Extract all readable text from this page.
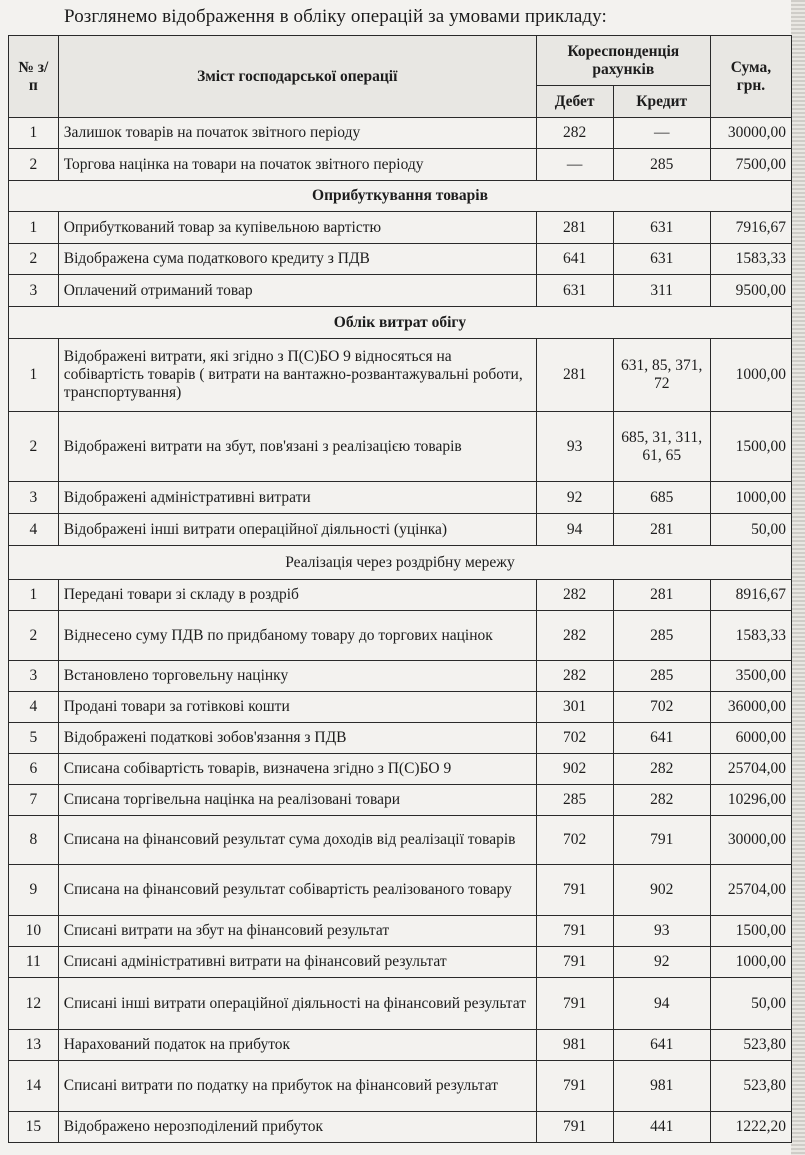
Розглянемо відображення в обліку операцій за умовами прикладу:
№ з/п	Зміст господарської операції	Кореспонденція рахунків		Сума, грн.
		Дебет	Кредит	
1	Залишок товарів на початок звітного періоду	282	—	30000,00
2	Торгова націнка на товари на початок звітного періоду	—	285	7500,00
Оприбуткування товарів				
1	Оприбуткований товар за купівельною вартістю	281	631	7916,67
2	Відображена сума податкового кредиту з ПДВ	641	631	1583,33
3	Оплачений отриманий товар	631	311	9500,00
Облік витрат обігу				
1	Відображені витрати, які згідно з П(С)БО 9 відносяться на собівартість товарів ( витрати на вантажно-розвантажувальні роботи, транспортування)	281	631, 85, 371, 72	1000,00
2	Відображені витрати на збут, пов'язані з реалізацією товарів	93	685, 31, 311, 61, 65	1500,00
3	Відображені адміністративні витрати	92	685	1000,00
4	Відображені інші витрати операційної діяльності (уцінка)	94	281	50,00
Реалізація через роздрібну мережу				
1	Передані товари зі складу в роздріб	282	281	8916,67
2	Віднесено суму ПДВ по придбаному товару до торгових націнок	282	285	1583,33
3	Встановлено торговельну націнку	282	285	3500,00
4	Продані товари за готівкові кошти	301	702	36000,00
5	Відображені податкові зобов'язання з ПДВ	702	641	6000,00
6	Списана собівартість товарів, визначена згідно з П(С)БО 9	902	282	25704,00
7	Списана торгівельна націнка на реалізовані товари	285	282	10296,00
8	Списана на фінансовий результат сума доходів від реалізації товарів	702	791	30000,00
9	Списана на фінансовий результат собівартість реалізованого товару	791	902	25704,00
10	Списані витрати на збут на фінансовий результат	791	93	1500,00
11	Списані адміністративні витрати на фінансовий результат	791	92	1000,00
12	Списані інші витрати операційної діяльності на фінансовий результат	791	94	50,00
13	Нарахований податок на прибуток	981	641	523,80
14	Списані витрати по податку на прибуток на фінансовий результат	791	981	523,80
15	Відображено нерозподілений прибуток	791	441	1222,20
